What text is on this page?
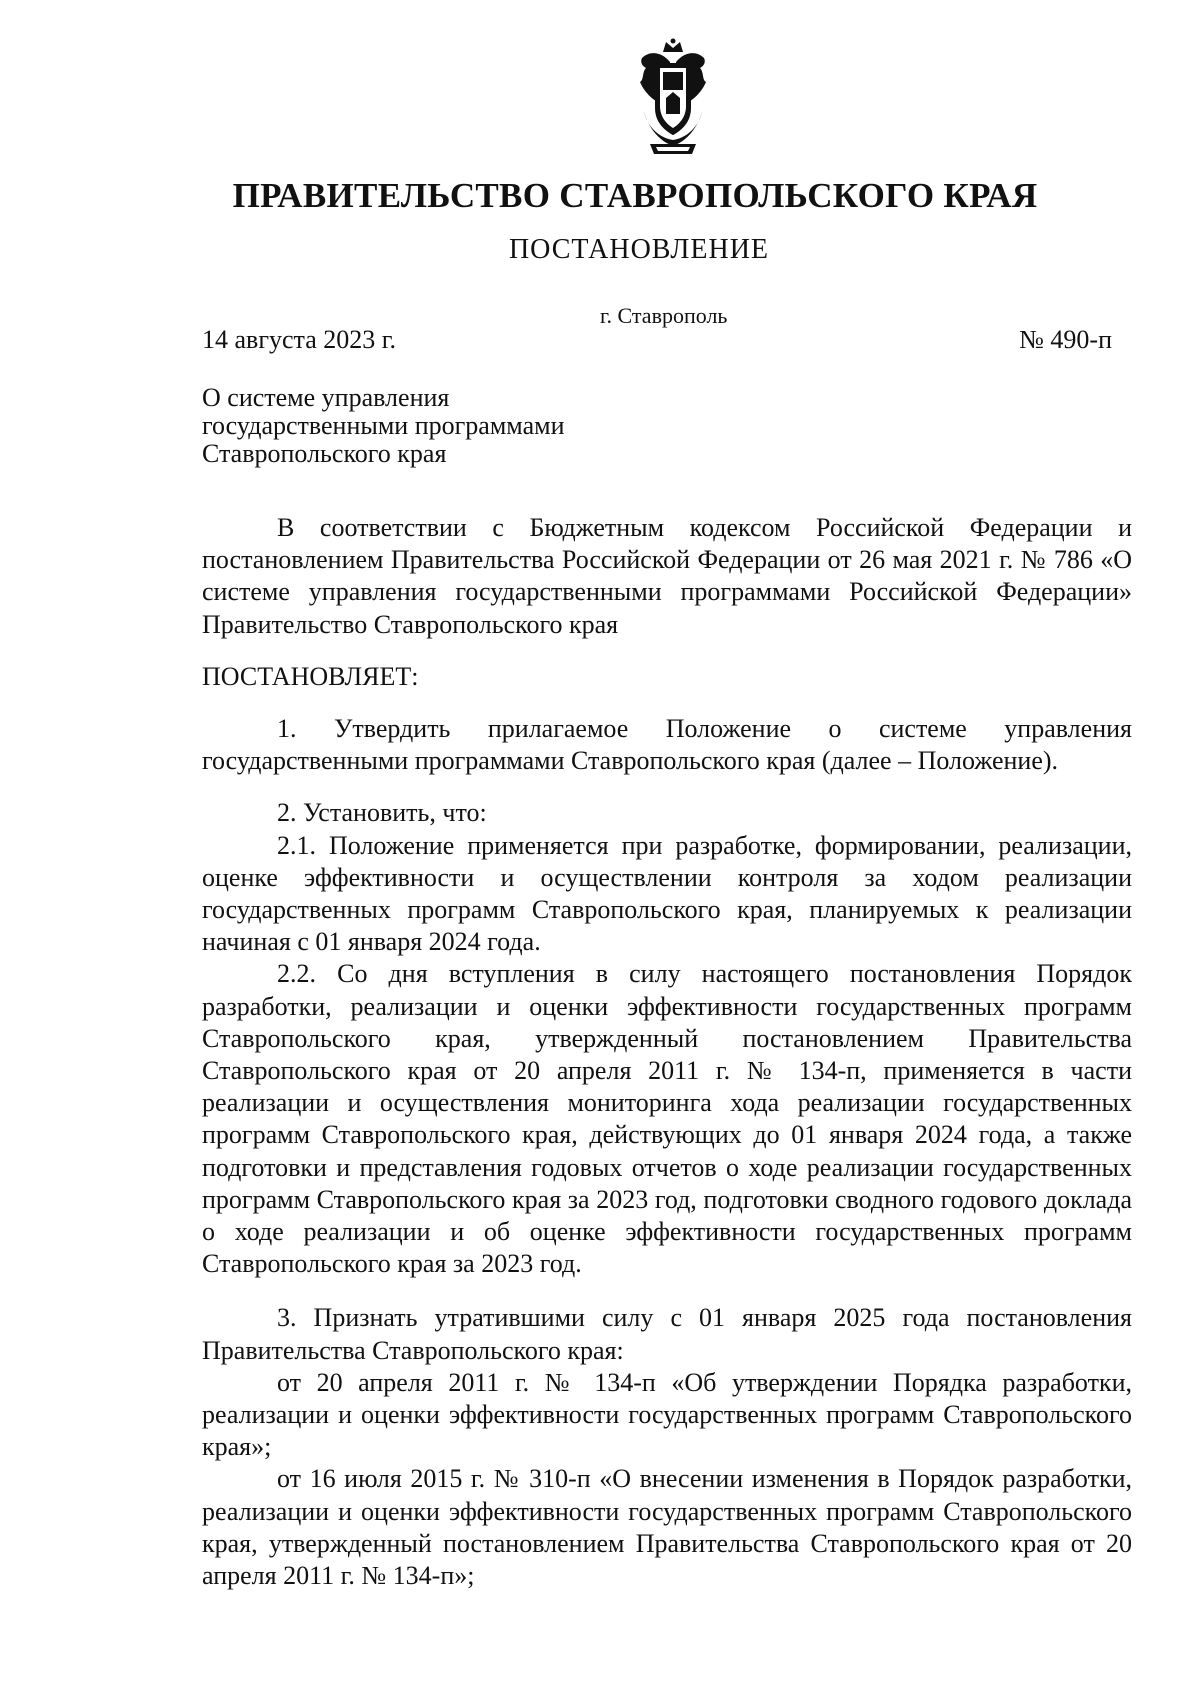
ПРАВИТЕЛЬСТВО СТАВРОПОЛЬСКОГО КРАЯ
ПОСТАНОВЛЕНИЕ
г. Ставрополь
14 августа 2023 г.	№ 490-п
О системе управления
государственными программами
Ставропольского края

В соответствии с Бюджетным кодексом Российской Федерации и постановлением Правительства Российской Федерации от 26 мая 2021 г. № 786 «О системе управления государственными программами Российской Федерации» Правительство Ставропольского края

ПОСТАНОВЛЯЕТ:

1. Утвердить прилагаемое Положение о системе управления государственными программами Ставропольского края (далее – Положение).

2. Установить, что:

2.1. Положение применяется при разработке, формировании, реализации, оценке эффективности и осуществлении контроля за ходом реализации государственных программ Ставропольского края, планируемых к реализации начиная с 01 января 2024 года.

2.2. Со дня вступления в силу настоящего постановления Порядок разработки, реализации и оценки эффективности государственных программ Ставропольского края, утвержденный постановлением Правительства Ставропольского края от 20 апреля 2011 г. № 134-п, применяется в части реализации и осуществления мониторинга хода реализации государственных программ Ставропольского края, действующих до 01 января 2024 года, а также подготовки и представления годовых отчетов о ходе реализации государственных программ Ставропольского края за 2023 год, подготовки сводного годового доклада о ходе реализации и об оценке эффективности государственных программ Ставропольского края за 2023 год.

3. Признать утратившими силу с 01 января 2025 года постановления Правительства Ставропольского края:

от 20 апреля 2011 г. № 134-п «Об утверждении Порядка разработки, реализации и оценки эффективности государственных программ Ставропольского края»;

от 16 июля 2015 г. № 310-п «О внесении изменения в Порядок разработки, реализации и оценки эффективности государственных программ Ставропольского края, утвержденный постановлением Правительства Ставропольского края от 20 апреля 2011 г. № 134-п»;
